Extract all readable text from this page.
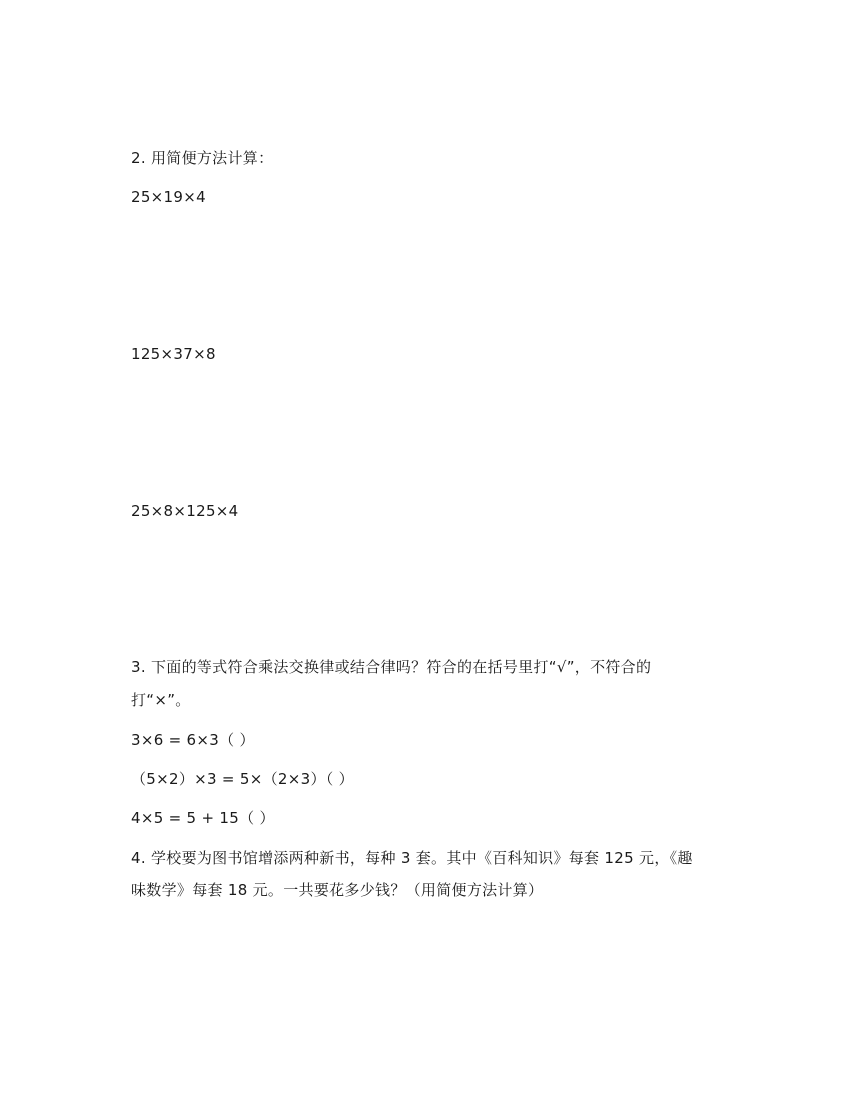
2. 用简便方法计算：
25×19×4
125×37×8
25×8×125×4
3. 下面的等式符合乘法交换律或结合律吗？符合的在括号里打“√”，不符合的
打“×”。
3×6 = 6×3（ ）
（5×2）×3 = 5×（2×3）（ ）
4×5 = 5 + 15（ ）
4. 学校要为图书馆增添两种新书，每种 3 套。其中《百科知识》每套 125 元，《趣
味数学》每套 18 元。一共要花多少钱？（用简便方法计算）
